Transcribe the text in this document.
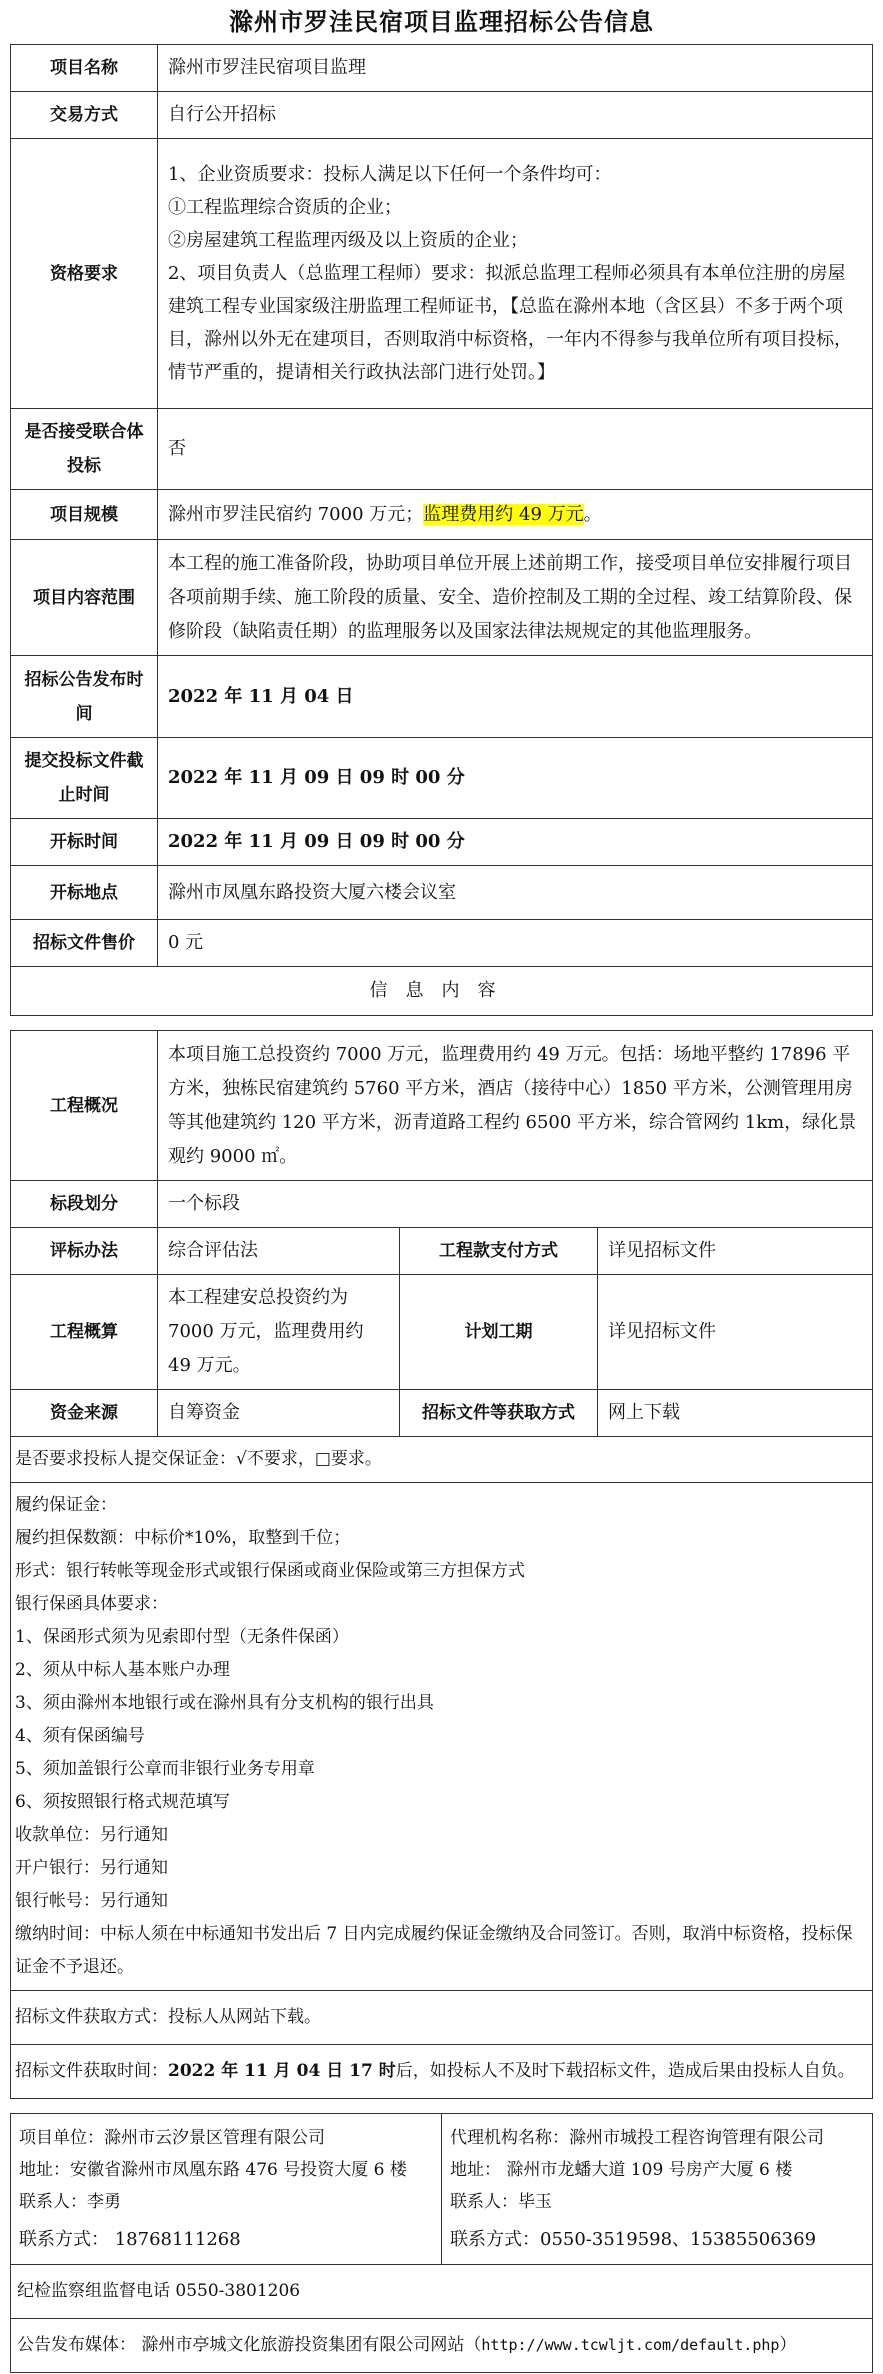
滁州市罗洼民宿项目监理招标公告信息
项目名称	滁州市罗洼民宿项目监理
交易方式	自行公开招标
资格要求	1、企业资质要求：投标人满足以下任何一个条件均可：
①工程监理综合资质的企业；
②房屋建筑工程监理丙级及以上资质的企业；
2、项目负责人（总监理工程师）要求：拟派总监理工程师必须具有本单位注册的房屋建筑工程专业国家级注册监理工程师证书，【总监在滁州本地（含区县）不多于两个项目，滁州以外无在建项目，否则取消中标资格，一年内不得参与我单位所有项目投标，情节严重的，提请相关行政执法部门进行处罚。】

是否接受联合体投标	否
项目规模	滁州市罗洼民宿约 7000 万元；监理费用约 49 万元。
项目内容范围	本工程的施工准备阶段，协助项目单位开展上述前期工作，接受项目单位安排履行项目各项前期手续、施工阶段的质量、安全、造价控制及工期的全过程、竣工结算阶段、保修阶段（缺陷责任期）的监理服务以及国家法律法规规定的其他监理服务。
招标公告发布时间	2022 年 11 月 04 日
提交投标文件截止时间	2022 年 11 月 09 日 09 时 00 分
开标时间	2022 年 11 月 09 日 09 时 00 分
开标地点	滁州市凤凰东路投资大厦六楼会议室
招标文件售价	0 元
信息内容	
工程概况	本项目施工总投资约 7000 万元，监理费用约 49 万元。包括：场地平整约 17896 平方米，独栋民宿建筑约 5760 平方米，酒店（接待中心）1850 平方米，公测管理用房等其他建筑约 120 平方米，沥青道路工程约 6500 平方米，综合管网约 1km，绿化景观约 9000 ㎡。		
标段划分	一个标段		
评标办法	综合评估法	工程款支付方式	详见招标文件
工程概算	本工程建安总投资约为 7000 万元，监理费用约 49 万元。	计划工期	详见招标文件
资金来源	自筹资金	招标文件等获取方式	网上下载
是否要求投标人提交保证金：√不要求，□要求。
履约保证金：
履约担保数额：中标价*10%，取整到千位；
形式：银行转帐等现金形式或银行保函或商业保险或第三方担保方式
银行保函具体要求：
1、保函形式须为见索即付型（无条件保函）
2、须从中标人基本账户办理
3、须由滁州本地银行或在滁州具有分支机构的银行出具
4、须有保函编号
5、须加盖银行公章而非银行业务专用章
6、须按照银行格式规范填写
收款单位：另行通知
开户银行：另行通知
银行帐号：另行通知
缴纳时间：中标人须在中标通知书发出后 7 日内完成履约保证金缴纳及合同签订。否则，取消中标资格，投标保证金不予退还。
招标文件获取方式：投标人从网站下载。
招标文件获取时间：2022 年 11 月 04 日 17 时后，如投标人不及时下载招标文件，造成后果由投标人自负。
项目单位：滁州市云汐景区管理有限公司
地址：安徽省滁州市凤凰东路 476 号投资大厦 6 楼
联系人：李勇
联系方式： 18768111268
代理机构名称：滁州市城投工程咨询管理有限公司
地址： 滁州市龙蟠大道 109 号房产大厦 6 楼
联系人：毕玉
联系方式：0550-3519598、15385506369
纪检监察组监督电话 0550-3801206
公告发布媒体： 滁州市亭城文化旅游投资集团有限公司网站（http://www.tcwljt.com/default.php）
